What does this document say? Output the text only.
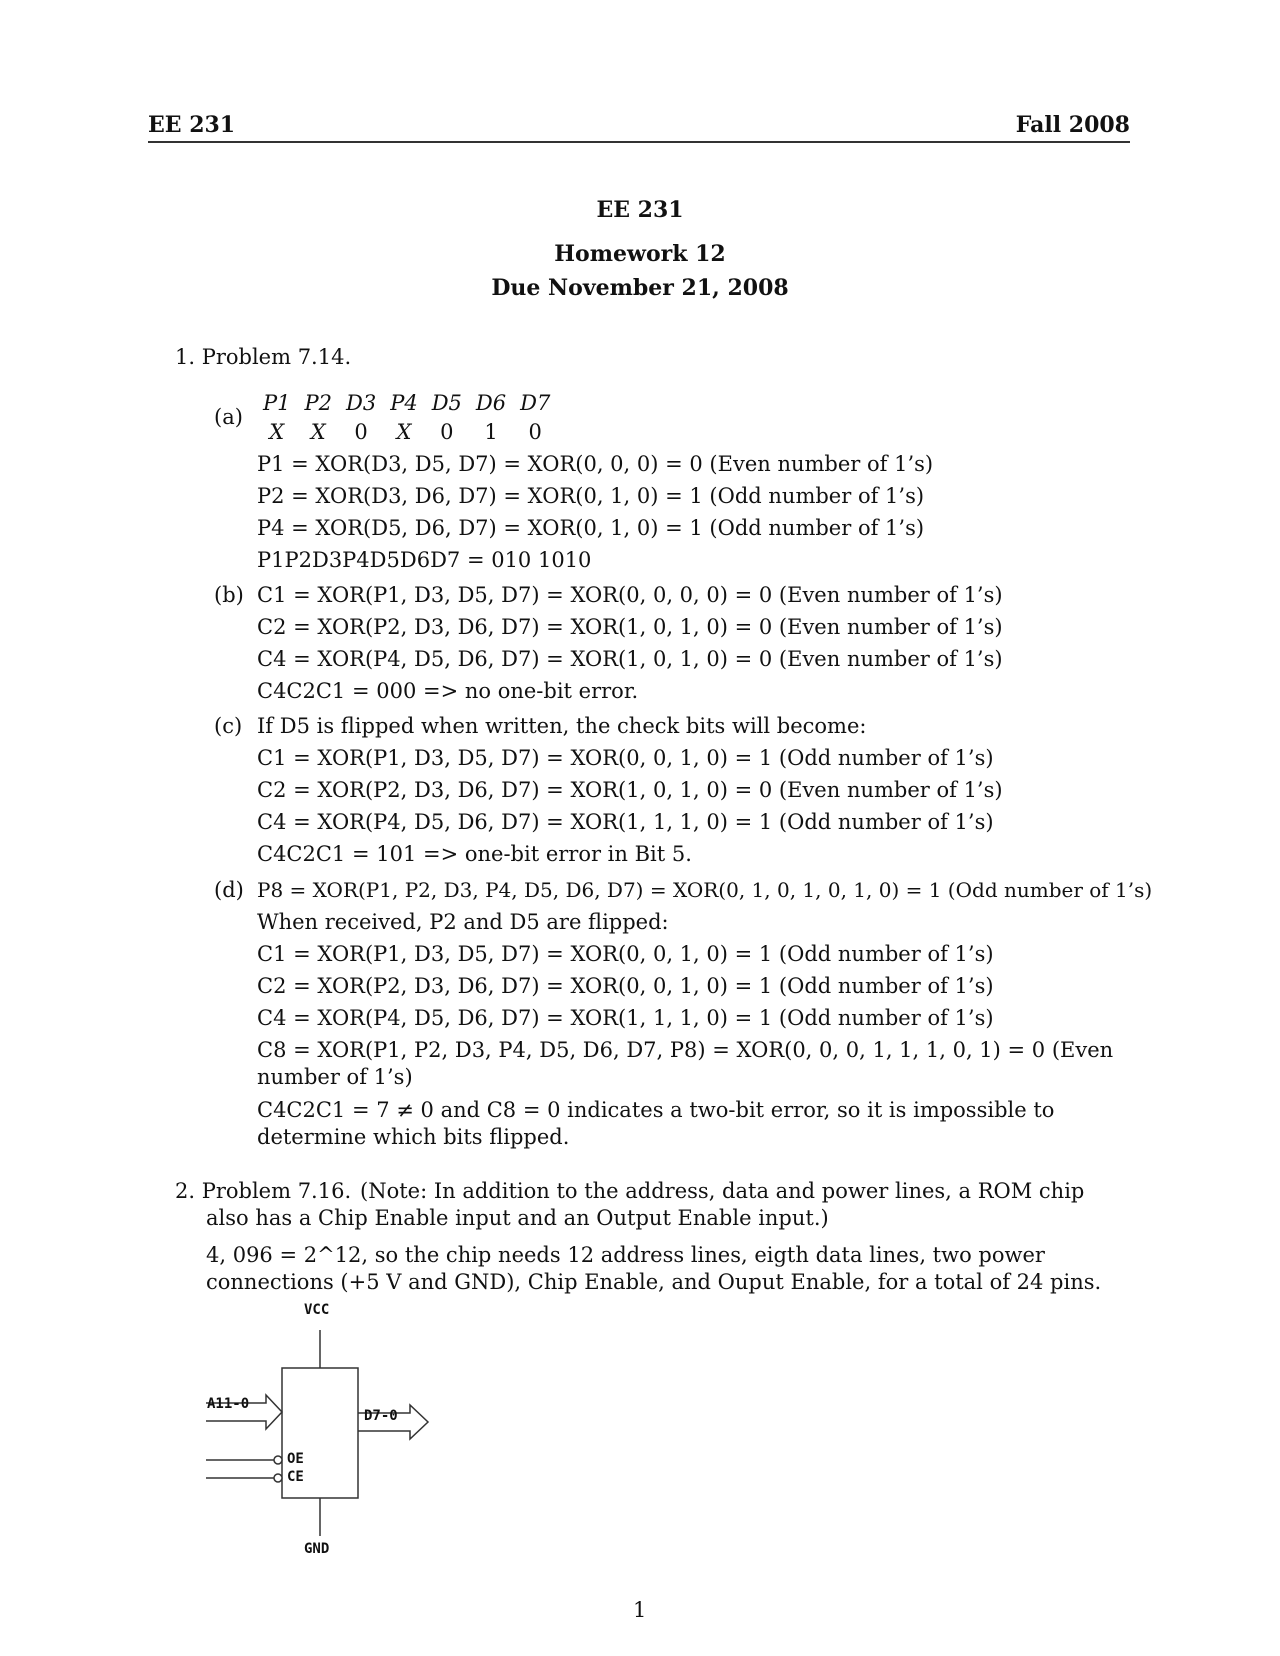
EE 231	Fall 2008
EE 231
Homework 12
Due November 21, 2008
1. Problem 7.14.
(a)
P1	P2	D3	P4	D5	D6	D7
X	X	0	X	0	1	0
P1 = XOR(D3, D5, D7) = XOR(0, 0, 0) = 0 (Even number of 1’s)
P2 = XOR(D3, D6, D7) = XOR(0, 1, 0) = 1 (Odd number of 1’s)
P4 = XOR(D5, D6, D7) = XOR(0, 1, 0) = 1 (Odd number of 1’s)
P1P2D3P4D5D6D7 = 010 1010
(b) C1 = XOR(P1, D3, D5, D7) = XOR(0, 0, 0, 0) = 0 (Even number of 1’s)
C2 = XOR(P2, D3, D6, D7) = XOR(1, 0, 1, 0) = 0 (Even number of 1’s)
C4 = XOR(P4, D5, D6, D7) = XOR(1, 0, 1, 0) = 0 (Even number of 1’s)
C4C2C1 = 000 => no one-bit error.
(c) If D5 is flipped when written, the check bits will become:
C1 = XOR(P1, D3, D5, D7) = XOR(0, 0, 1, 0) = 1 (Odd number of 1’s)
C2 = XOR(P2, D3, D6, D7) = XOR(1, 0, 1, 0) = 0 (Even number of 1’s)
C4 = XOR(P4, D5, D6, D7) = XOR(1, 1, 1, 0) = 1 (Odd number of 1’s)
C4C2C1 = 101 => one-bit error in Bit 5.
(d) P8 = XOR(P1, P2, D3, P4, D5, D6, D7) = XOR(0, 1, 0, 1, 0, 1, 0) = 1 (Odd number of 1’s)
When received, P2 and D5 are flipped:
C1 = XOR(P1, D3, D5, D7) = XOR(0, 0, 1, 0) = 1 (Odd number of 1’s)
C2 = XOR(P2, D3, D6, D7) = XOR(0, 0, 1, 0) = 1 (Odd number of 1’s)
C4 = XOR(P4, D5, D6, D7) = XOR(1, 1, 1, 0) = 1 (Odd number of 1’s)
C8 = XOR(P1, P2, D3, P4, D5, D6, D7, P8) = XOR(0, 0, 0, 1, 1, 1, 0, 1) = 0 (Even number of 1’s)
C4C2C1 = 7 ≠ 0 and C8 = 0 indicates a two-bit error, so it is impossible to determine which bits flipped.
2. Problem 7.16. (Note: In addition to the address, data and power lines, a ROM chip also has a Chip Enable input and an Output Enable input.)
4, 096 = 2^12, so the chip needs 12 address lines, eigth data lines, two power connections (+5 V and GND), Chip Enable, and Ouput Enable, for a total of 24 pins.
VCC
A11-0
D7-0
OE
CE
GND
1
